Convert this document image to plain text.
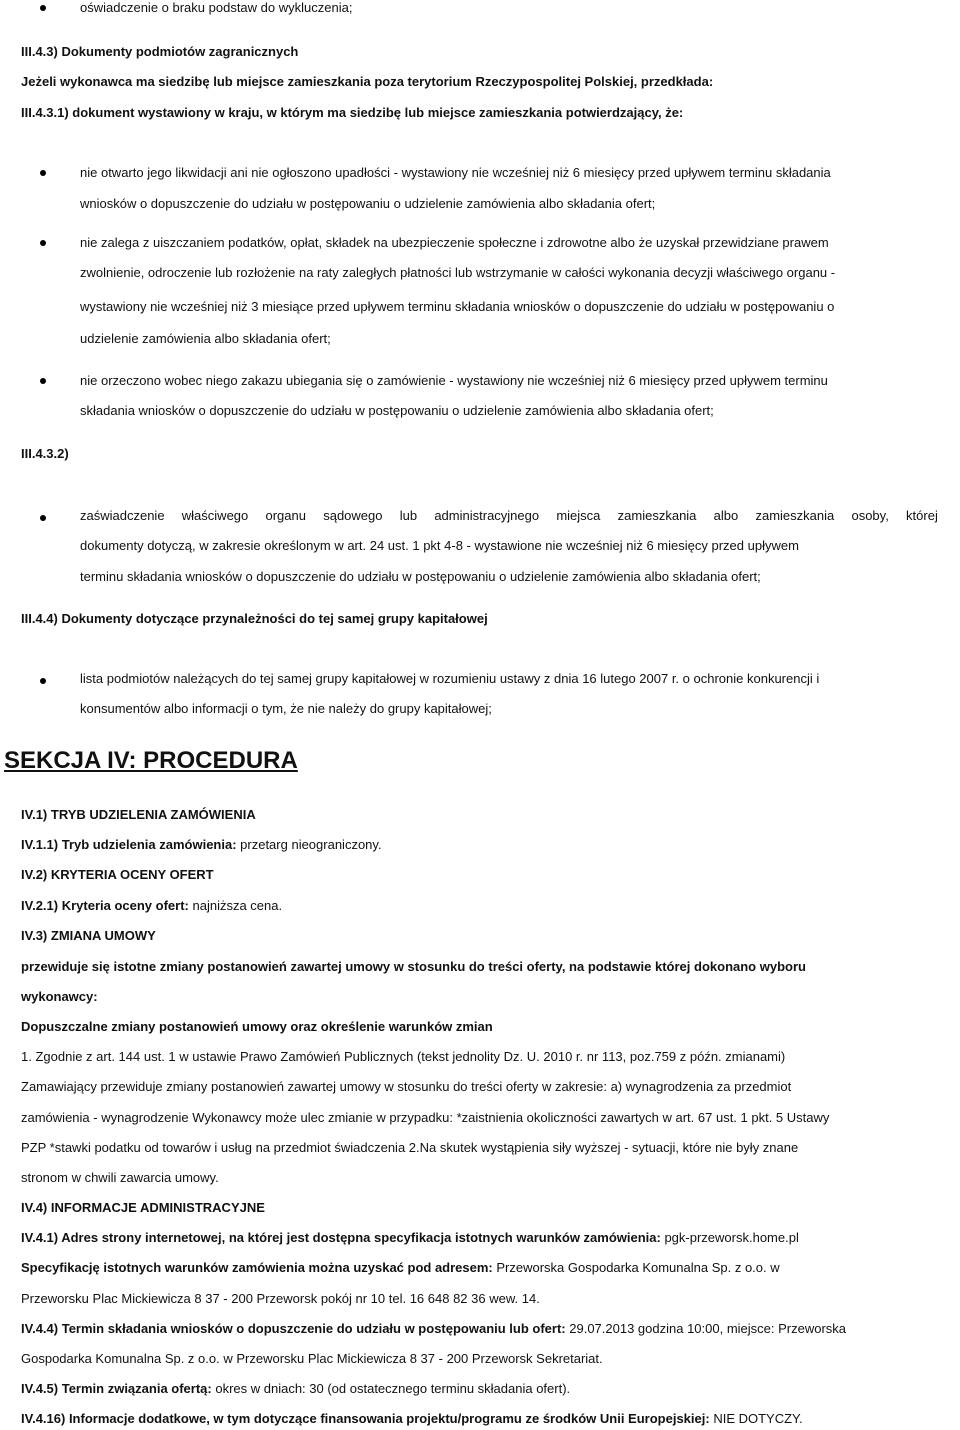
oświadczenie o braku podstaw do wykluczenia;
III.4.3) Dokumenty podmiotów zagranicznych
Jeżeli wykonawca ma siedzibę lub miejsce zamieszkania poza terytorium Rzeczypospolitej Polskiej, przedkłada:
III.4.3.1) dokument wystawiony w kraju, w którym ma siedzibę lub miejsce zamieszkania potwierdzający, że:
nie otwarto jego likwidacji ani nie ogłoszono upadłości - wystawiony nie wcześniej niż 6 miesięcy przed upływem terminu składania
wniosków o dopuszczenie do udziału w postępowaniu o udzielenie zamówienia albo składania ofert;
nie zalega z uiszczaniem podatków, opłat, składek na ubezpieczenie społeczne i zdrowotne albo że uzyskał przewidziane prawem
zwolnienie, odroczenie lub rozłożenie na raty zaległych płatności lub wstrzymanie w całości wykonania decyzji właściwego organu -
wystawiony nie wcześniej niż 3 miesiące przed upływem terminu składania wniosków o dopuszczenie do udziału w postępowaniu o
udzielenie zamówienia albo składania ofert;
nie orzeczono wobec niego zakazu ubiegania się o zamówienie - wystawiony nie wcześniej niż 6 miesięcy przed upływem terminu
składania wniosków o dopuszczenie do udziału w postępowaniu o udzielenie zamówienia albo składania ofert;
III.4.3.2)
zaświadczenie właściwego organu sądowego lub administracyjnego miejsca zamieszkania albo zamieszkania osoby, której
dokumenty dotyczą, w zakresie określonym w art. 24 ust. 1 pkt 4-8 - wystawione nie wcześniej niż 6 miesięcy przed upływem
terminu składania wniosków o dopuszczenie do udziału w postępowaniu o udzielenie zamówienia albo składania ofert;
III.4.4) Dokumenty dotyczące przynależności do tej samej grupy kapitałowej
lista podmiotów należących do tej samej grupy kapitałowej w rozumieniu ustawy z dnia 16 lutego 2007 r. o ochronie konkurencji i
konsumentów albo informacji o tym, że nie należy do grupy kapitałowej;
SEKCJA IV: PROCEDURA
IV.1) TRYB UDZIELENIA ZAMÓWIENIA
IV.1.1) Tryb udzielenia zamówienia: przetarg nieograniczony.
IV.2) KRYTERIA OCENY OFERT
IV.2.1) Kryteria oceny ofert: najniższa cena.
IV.3) ZMIANA UMOWY
przewiduje się istotne zmiany postanowień zawartej umowy w stosunku do treści oferty, na podstawie której dokonano wyboru
wykonawcy:
Dopuszczalne zmiany postanowień umowy oraz określenie warunków zmian
1. Zgodnie z art. 144 ust. 1 w ustawie Prawo Zamówień Publicznych (tekst jednolity Dz. U. 2010 r. nr 113, poz.759 z późn. zmianami)
Zamawiający przewiduje zmiany postanowień zawartej umowy w stosunku do treści oferty w zakresie: a) wynagrodzenia za przedmiot
zamówienia - wynagrodzenie Wykonawcy może ulec zmianie w przypadku: *zaistnienia okoliczności zawartych w art. 67 ust. 1 pkt. 5 Ustawy
PZP *stawki podatku od towarów i usług na przedmiot świadczenia 2.Na skutek wystąpienia siły wyższej - sytuacji, które nie były znane
stronom w chwili zawarcia umowy.
IV.4) INFORMACJE ADMINISTRACYJNE
IV.4.1) Adres strony internetowej, na której jest dostępna specyfikacja istotnych warunków zamówienia: pgk-przeworsk.home.pl
Specyfikację istotnych warunków zamówienia można uzyskać pod adresem: Przeworska Gospodarka Komunalna Sp. z o.o. w
Przeworsku Plac Mickiewicza 8 37 - 200 Przeworsk pokój nr 10 tel. 16 648 82 36 wew. 14.
IV.4.4) Termin składania wniosków o dopuszczenie do udziału w postępowaniu lub ofert: 29.07.2013 godzina 10:00, miejsce: Przeworska
Gospodarka Komunalna Sp. z o.o. w Przeworsku Plac Mickiewicza 8 37 - 200 Przeworsk Sekretariat.
IV.4.5) Termin związania ofertą: okres w dniach: 30 (od ostatecznego terminu składania ofert).
IV.4.16) Informacje dodatkowe, w tym dotyczące finansowania projektu/programu ze środków Unii Europejskiej: NIE DOTYCZY.
